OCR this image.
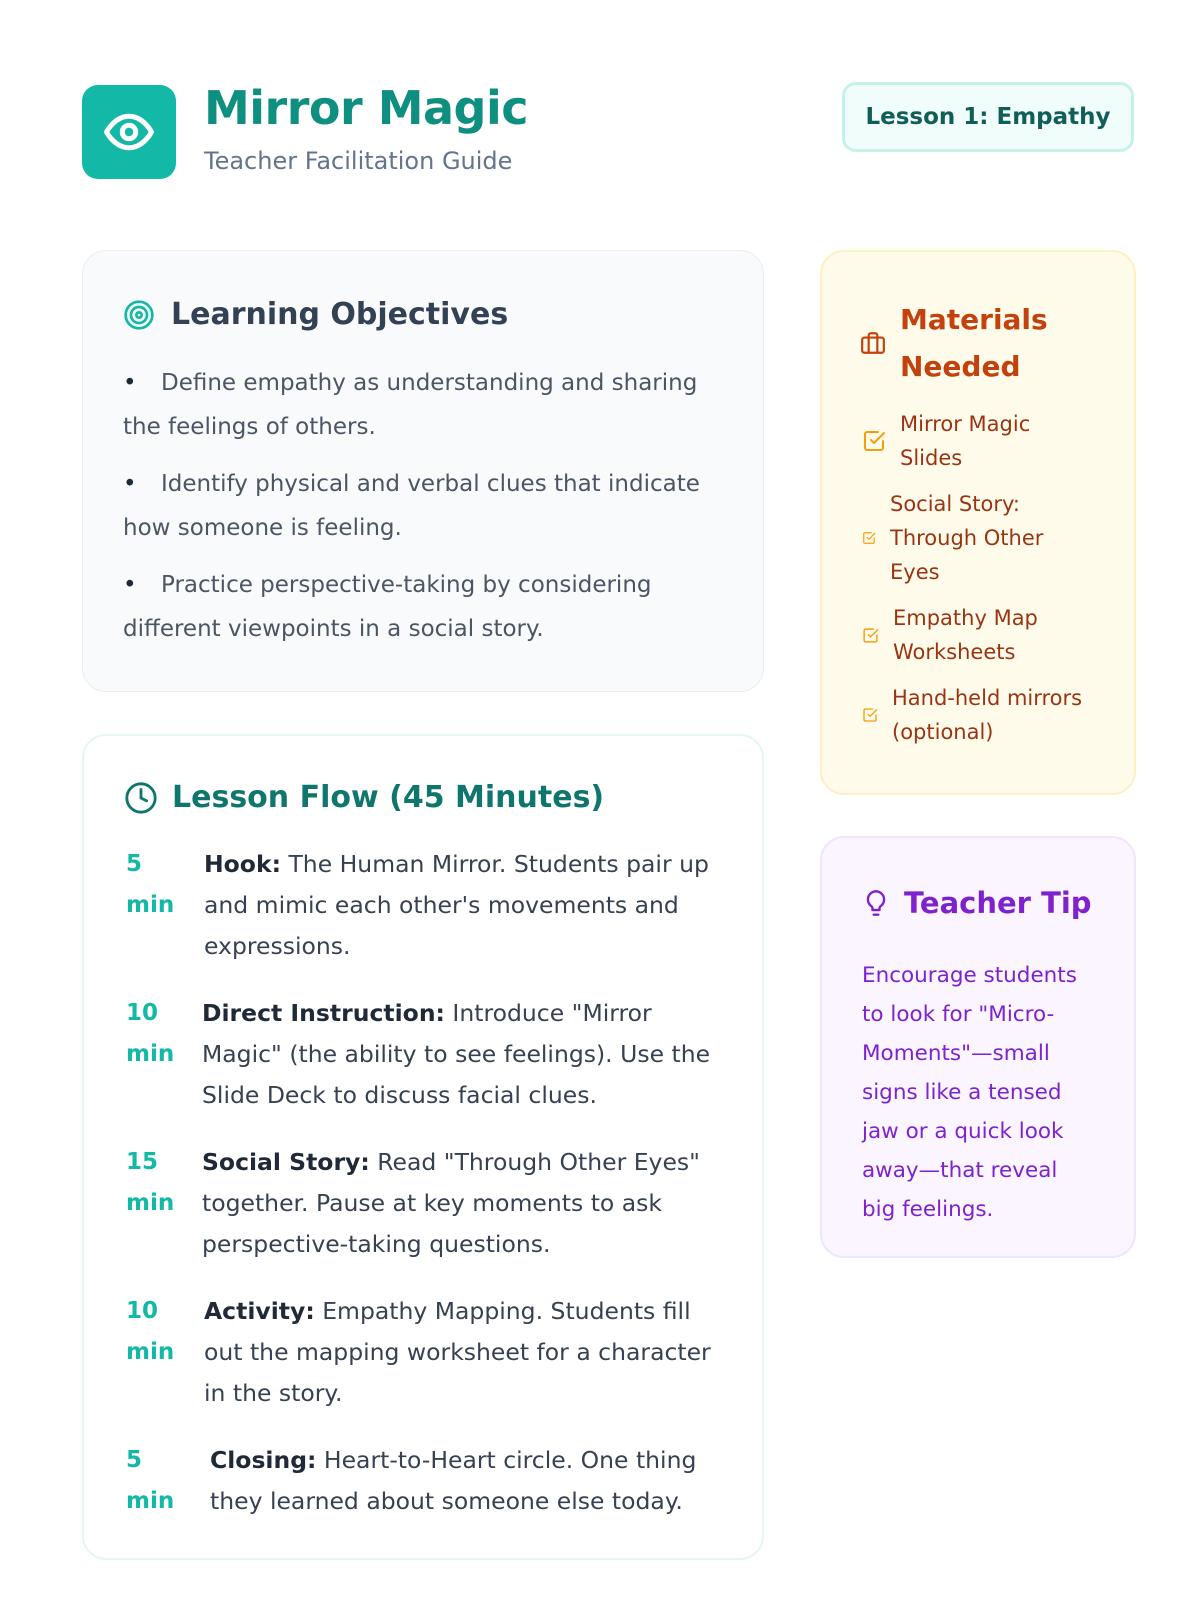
Mirror Magic
Teacher Facilitation Guide
Lesson 1: Empathy
Learning Objectives
• Define empathy as understanding and sharing the feelings of others.
• Identify physical and verbal clues that indicate how someone is feeling.
• Practice perspective-taking by considering different viewpoints in a social story.
Lesson Flow (45 Minutes)
5
min
Hook: The Human Mirror. Students pair up and mimic each other's movements and expressions.
10
min
Direct Instruction: Introduce "Mirror Magic" (the ability to see feelings). Use the Slide Deck to discuss facial clues.
15
min
Social Story: Read "Through Other Eyes" together. Pause at key moments to ask perspective-taking questions.
10
min
Activity: Empathy Mapping. Students fill out the mapping worksheet for a character in the story.
5
min
Closing: Heart-to-Heart circle. One thing they learned about someone else today.
Materials Needed
Mirror Magic Slides
Social Story: Through Other Eyes
Empathy Map Worksheets
Hand-held mirrors (optional)
Teacher Tip

Encourage students to look for "Micro-Moments"—small signs like a tensed jaw or a quick look away—that reveal big feelings.
